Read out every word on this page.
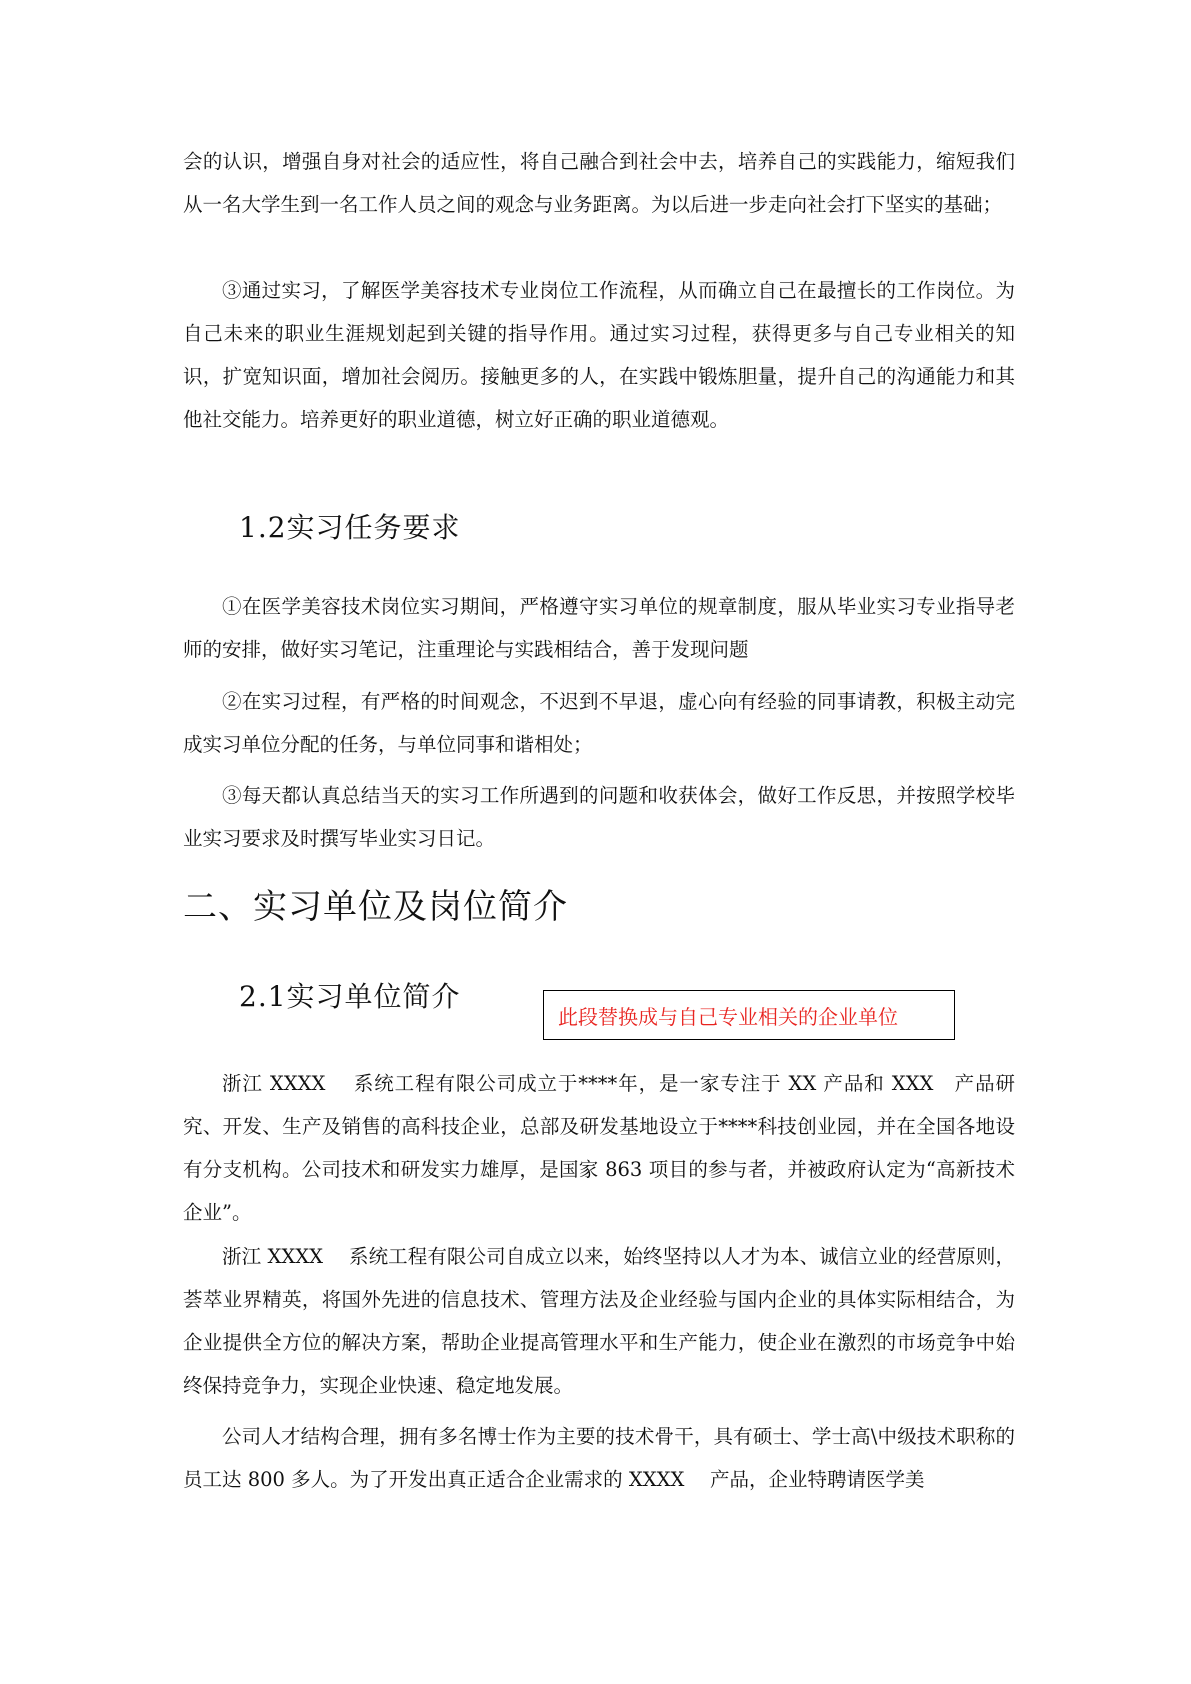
会的认识，增强自身对社会的适应性，将自己融合到社会中去，培养自己的实践能力，缩短我们从一名大学生到一名工作人员之间的观念与业务距离。为以后进一步走向社会打下坚实的基础；

③通过实习，了解医学美容技术专业岗位工作流程，从而确立自己在最擅长的工作岗位。为自己未来的职业生涯规划起到关键的指导作用。通过实习过程，获得更多与自己专业相关的知识，扩宽知识面，增加社会阅历。接触更多的人，在实践中锻炼胆量，提升自己的沟通能力和其他社交能力。培养更好的职业道德，树立好正确的职业道德观。

1.2实习任务要求

①在医学美容技术岗位实习期间，严格遵守实习单位的规章制度，服从毕业实习专业指导老师的安排，做好实习笔记，注重理论与实践相结合，善于发现问题

②在实习过程，有严格的时间观念，不迟到不早退，虚心向有经验的同事请教，积极主动完成实习单位分配的任务，与单位同事和谐相处；

③每天都认真总结当天的实习工作所遇到的问题和收获体会，做好工作反思，并按照学校毕业实习要求及时撰写毕业实习日记。

二、实习单位及岗位简介
2.1实习单位简介
此段替换成与自己专业相关的企业单位

浙江 XXXX　 系统工程有限公司成立于****年，是一家专注于 XX 产品和 XXX　产品研究、开发、生产及销售的高科技企业，总部及研发基地设立于****科技创业园，并在全国各地设有分支机构。公司技术和研发实力雄厚，是国家 863 项目的参与者，并被政府认定为“高新技术企业”。

浙江 XXXX　 系统工程有限公司自成立以来，始终坚持以人才为本、诚信立业的经营原则，荟萃业界精英，将国外先进的信息技术、管理方法及企业经验与国内企业的具体实际相结合，为企业提供全方位的解决方案，帮助企业提高管理水平和生产能力，使企业在激烈的市场竞争中始终保持竞争力，实现企业快速、稳定地发展。

公司人才结构合理，拥有多名博士作为主要的技术骨干，具有硕士、学士高\中级技术职称的员工达 800 多人。为了开发出真正适合企业需求的 XXXX　 产品，企业特聘请医学美
